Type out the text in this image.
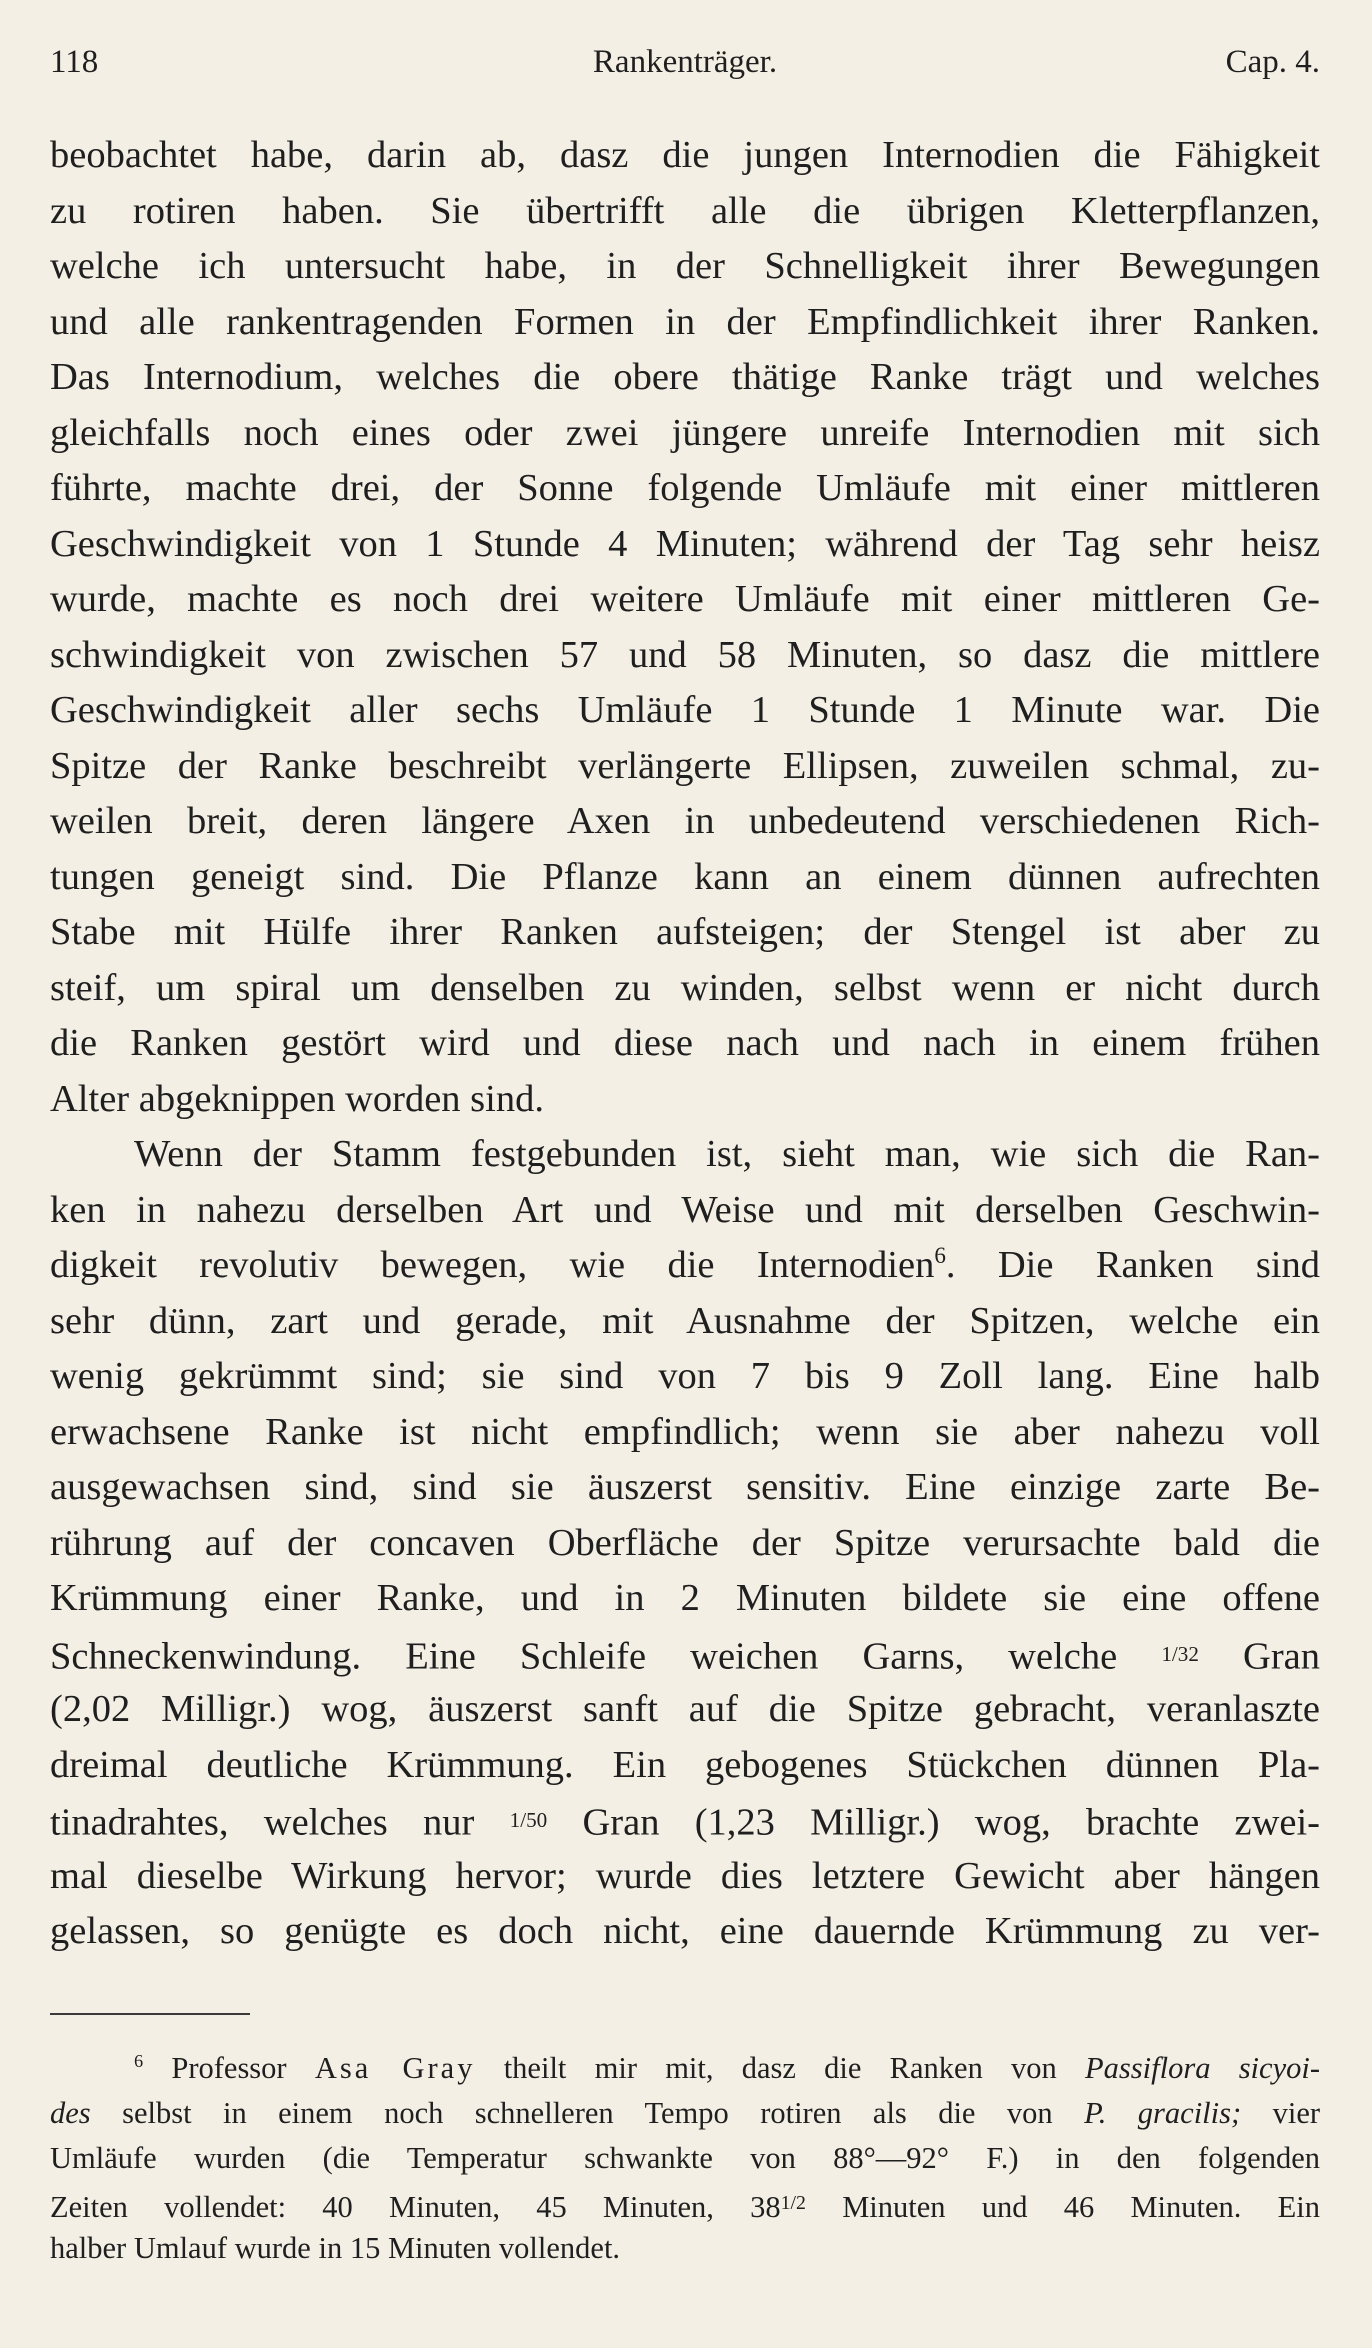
118	Rankenträger.	Cap. 4.
beobachtet habe, darin ab, dasz die jungen Internodien die Fähigkeit
zu rotiren haben. Sie übertrifft alle die übrigen Kletterpflanzen,
welche ich untersucht habe, in der Schnelligkeit ihrer Bewegungen
und alle rankentragenden Formen in der Empfindlichkeit ihrer Ranken.
Das Internodium, welches die obere thätige Ranke trägt und welches
gleichfalls noch eines oder zwei jüngere unreife Internodien mit sich
führte, machte drei, der Sonne folgende Umläufe mit einer mittleren
Geschwindigkeit von 1 Stunde 4 Minuten; während der Tag sehr heisz
wurde, machte es noch drei weitere Umläufe mit einer mittleren Ge-
schwindigkeit von zwischen 57 und 58 Minuten, so dasz die mittlere
Geschwindigkeit aller sechs Umläufe 1 Stunde 1 Minute war. Die
Spitze der Ranke beschreibt verlängerte Ellipsen, zuweilen schmal, zu-
weilen breit, deren längere Axen in unbedeutend verschiedenen Rich-
tungen geneigt sind. Die Pflanze kann an einem dünnen aufrechten
Stabe mit Hülfe ihrer Ranken aufsteigen; der Stengel ist aber zu
steif, um spiral um denselben zu winden, selbst wenn er nicht durch
die Ranken gestört wird und diese nach und nach in einem frühen
Alter abgeknippen worden sind.
Wenn der Stamm festgebunden ist, sieht man, wie sich die Ran-
ken in nahezu derselben Art und Weise und mit derselben Geschwin-
digkeit revolutiv bewegen, wie die Internodien$^6$. Die Ranken sind
sehr dünn, zart und gerade, mit Ausnahme der Spitzen, welche ein
wenig gekrümmt sind; sie sind von 7 bis 9 Zoll lang. Eine halb
erwachsene Ranke ist nicht empfindlich; wenn sie aber nahezu voll
ausgewachsen sind, sind sie äuszerst sensitiv. Eine einzige zarte Be-
rührung auf der concaven Oberfläche der Spitze verursachte bald die
Krümmung einer Ranke, und in 2 Minuten bildete sie eine offene
Schneckenwindung. Eine Schleife weichen Garns, welche 1/32 Gran
(2,02 Milligr.) wog, äuszerst sanft auf die Spitze gebracht, veranlaszte
dreimal deutliche Krümmung. Ein gebogenes Stückchen dünnen Pla-
tinadrahtes, welches nur 1/50 Gran (1,23 Milligr.) wog, brachte zwei-
mal dieselbe Wirkung hervor; wurde dies letztere Gewicht aber hängen
gelassen, so genügte es doch nicht, eine dauernde Krümmung zu ver-
$^6$ Professor Asa Gray theilt mir mit, dasz die Ranken von Passiflora sicyoi-
des selbst in einem noch schnelleren Tempo rotiren als die von P. gracilis; vier
Umläufe wurden (die Temperatur schwankte von 88°—92° F.) in den folgenden
Zeiten vollendet: 40 Minuten, 45 Minuten, $38^{1/2}$ Minuten und 46 Minuten. Ein
halber Umlauf wurde in 15 Minuten vollendet.
